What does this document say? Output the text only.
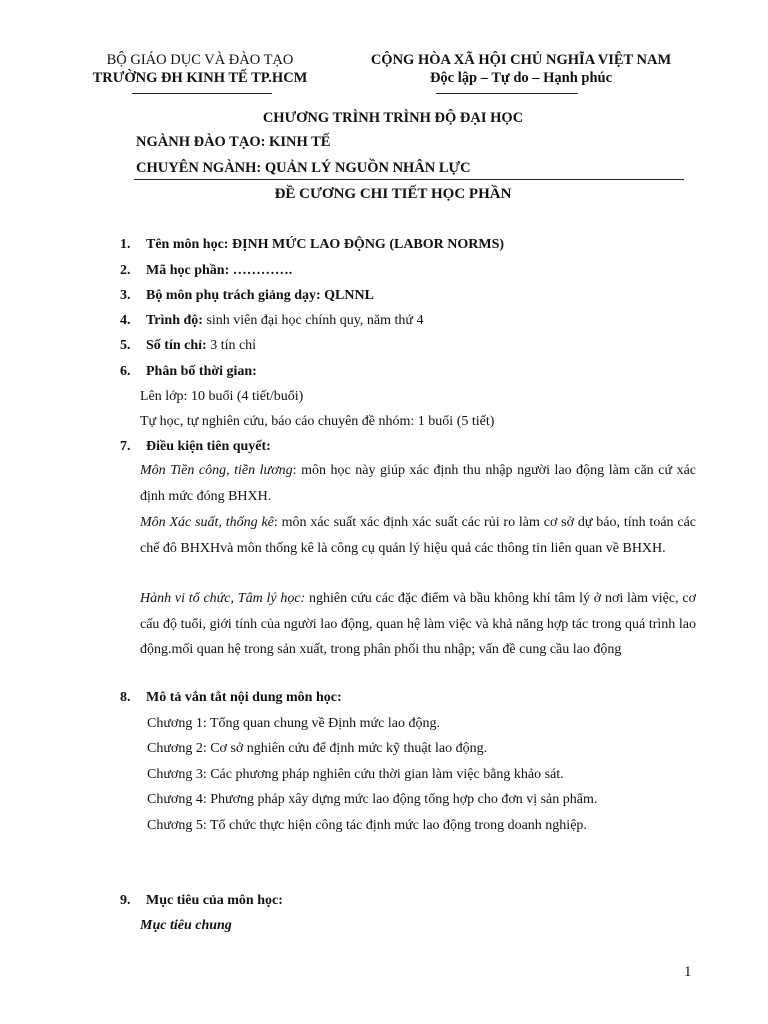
BỘ GIÁO DỤC VÀ ĐÀO TẠO
TRƯỜNG ĐH KINH TẾ TP.HCM
CỘNG HÒA XÃ HỘI CHỦ NGHĨA VIỆT NAM
Độc lập – Tự do – Hạnh phúc
CHƯƠNG TRÌNH TRÌNH ĐỘ ĐẠI HỌC
NGÀNH ĐÀO TẠO: KINH TẾ
CHUYÊN NGÀNH: QUẢN LÝ NGUỒN NHÂN LỰC
ĐỀ CƯƠNG CHI TIẾT HỌC PHẦN
1. Tên môn học: ĐỊNH MỨC LAO ĐỘNG (LABOR NORMS)
2. Mã học phần: ………….
3. Bộ môn phụ trách giảng dạy: QLNNL
4. Trình độ: sinh viên đại học chính quy, năm thứ 4
5. Số tín chỉ: 3 tín chỉ
6. Phân bố thời gian:
Lên lớp: 10 buổi (4 tiết/buổi)
Tự học, tự nghiên cứu, báo cáo chuyên đề nhóm: 1 buổi (5 tiết)
7. Điều kiện tiên quyết:
Môn Tiền công, tiền lương: môn học này giúp xác định thu nhập người lao động làm căn cứ xác định mức đóng BHXH.
Môn Xác suất, thống kê: môn xác suất xác định xác suất các rủi ro làm cơ sở dự báo, tính toán các chế đô BHXHvà môn thống kê là công cụ quản lý hiệu quả các thông tin liên quan về BHXH.
Hành vi tổ chức, Tâm lý học: nghiên cứu các đặc điểm và bầu không khí tâm lý ở nơi làm việc, cơ cấu độ tuổi, giới tính của người lao động, quan hệ làm việc và khả năng hợp tác trong quá trình lao động.mối quan hệ trong sản xuất, trong phân phối thu nhập; vấn đề cung cầu lao động
8. Mô tả vắn tắt nội dung môn học:
Chương 1: Tổng quan chung về Định mức lao động.
Chương 2: Cơ sở nghiên cứu để định mức kỹ thuật lao động.
Chương 3: Các phương pháp nghiên cứu thời gian làm việc bằng khảo sát.
Chương 4: Phương pháp xây dựng mức lao động tổng hợp cho đơn vị sản phẩm.
Chương 5: Tổ chức thực hiện công tác định mức lao động trong doanh nghiệp.
9. Mục tiêu của môn học:
Mục tiêu chung
1
